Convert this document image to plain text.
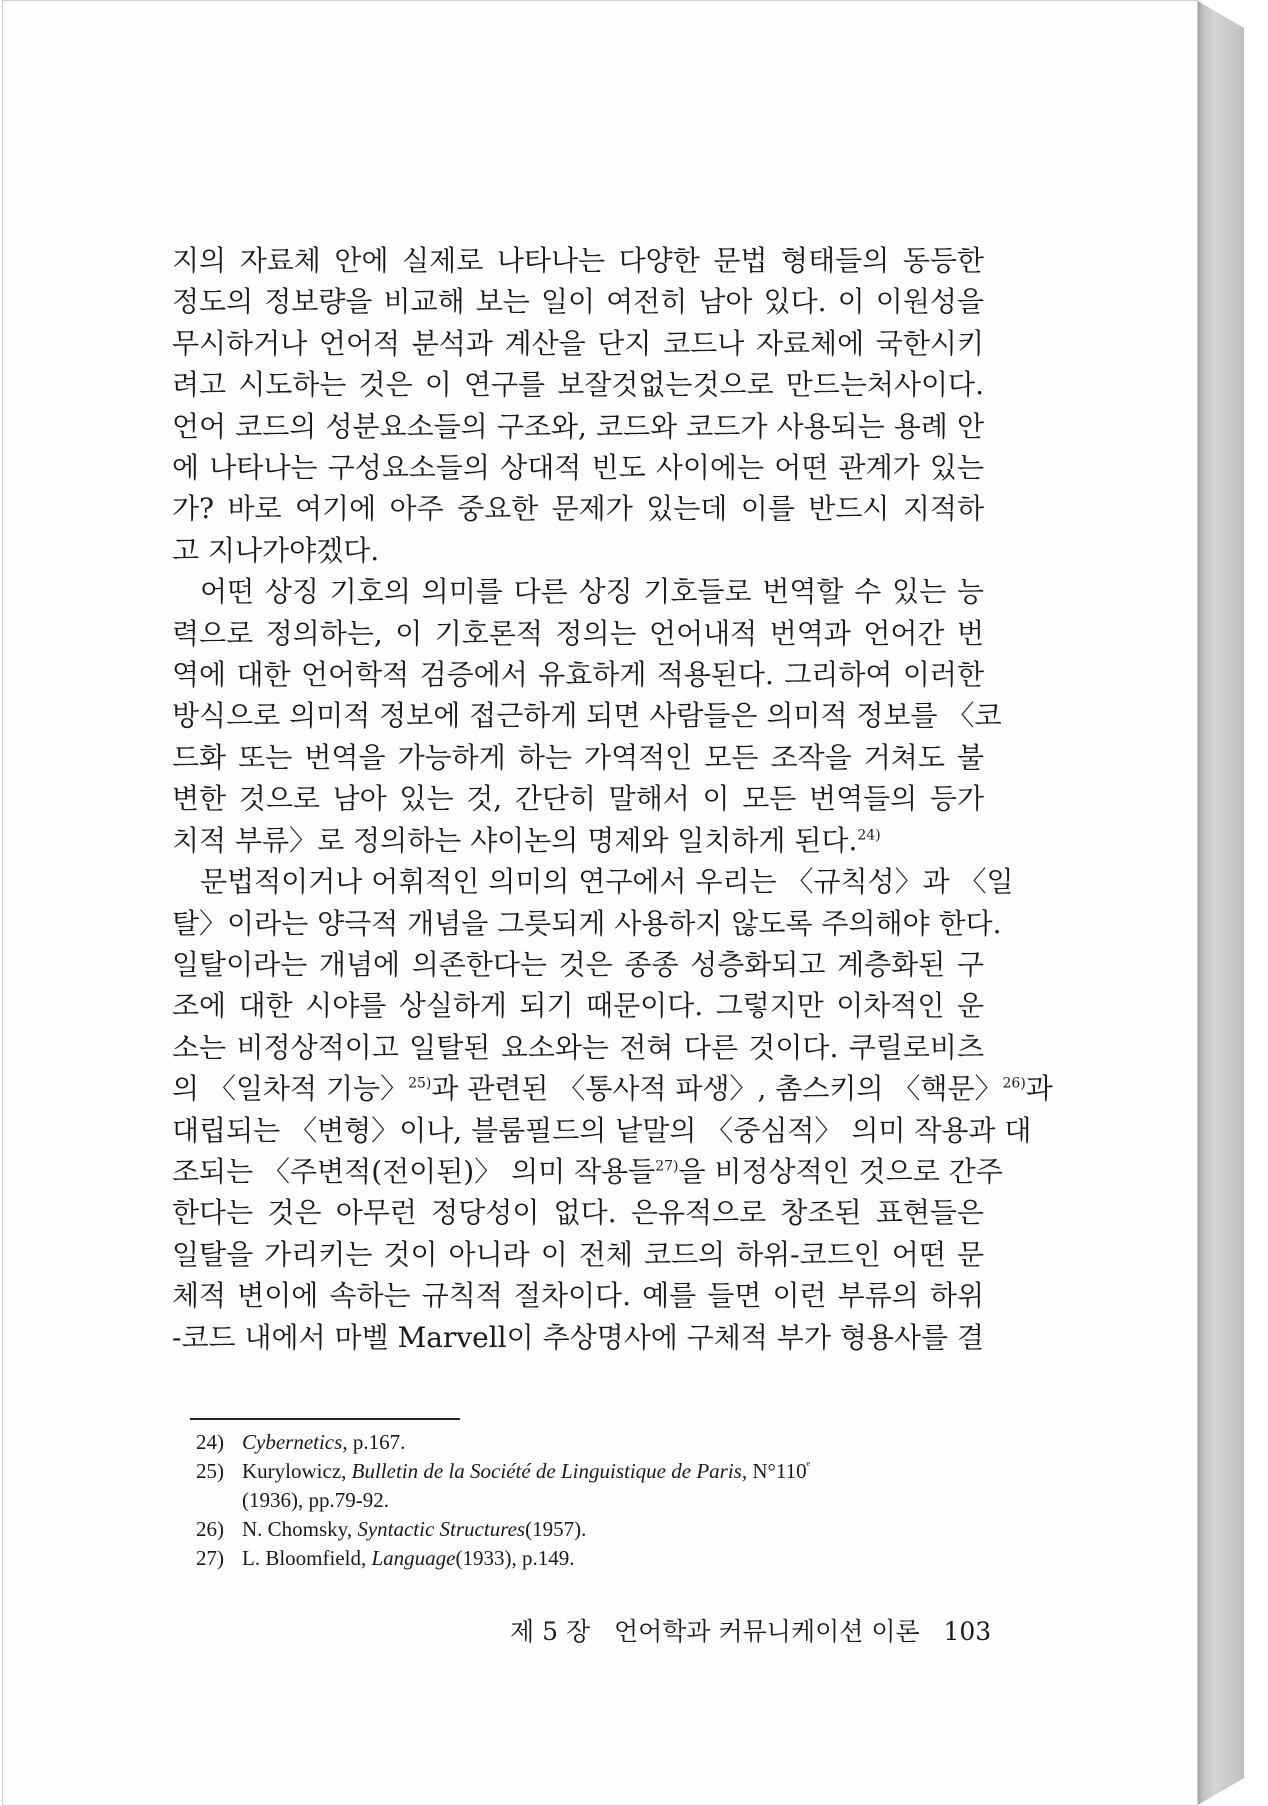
지의 자료체 안에 실제로 나타나는 다양한 문법 형태들의 동등한
정도의 정보량을 비교해 보는 일이 여전히 남아 있다. 이 이원성을
무시하거나 언어적 분석과 계산을 단지 코드나 자료체에 국한시키
려고 시도하는 것은 이 연구를 보잘것없는것으로 만드는처사이다.
언어 코드의 성분요소들의 구조와, 코드와 코드가 사용되는 용례 안
에 나타나는 구성요소들의 상대적 빈도 사이에는 어떤 관계가 있는
가? 바로 여기에 아주 중요한 문제가 있는데 이를 반드시 지적하
고 지나가야겠다.
어떤 상징 기호의 의미를 다른 상징 기호들로 번역할 수 있는 능
력으로 정의하는, 이 기호론적 정의는 언어내적 번역과 언어간 번
역에 대한 언어학적 검증에서 유효하게 적용된다. 그리하여 이러한
방식으로 의미적 정보에 접근하게 되면 사람들은 의미적 정보를 〈코
드화 또는 번역을 가능하게 하는 가역적인 모든 조작을 거쳐도 불
변한 것으로 남아 있는 것, 간단히 말해서 이 모든 번역들의 등가
치적 부류〉로 정의하는 샤이논의 명제와 일치하게 된다.$^{24)}$
문법적이거나 어휘적인 의미의 연구에서 우리는 〈규칙성〉과 〈일
탈〉이라는 양극적 개념을 그릇되게 사용하지 않도록 주의해야 한다.
일탈이라는 개념에 의존한다는 것은 종종 성층화되고 계층화된 구
조에 대한 시야를 상실하게 되기 때문이다. 그렇지만 이차적인 운
소는 비정상적이고 일탈된 요소와는 전혀 다른 것이다. 쿠릴로비츠
의 〈일차적 기능〉$^{25)}$과 관련된 〈통사적 파생〉, 촘스키의 〈핵문〉$^{26)}$과
대립되는 〈변형〉이나, 블룸필드의 낱말의 〈중심적〉 의미 작용과 대
조되는 〈주변적(전이된)〉 의미 작용들$^{27)}$을 비정상적인 것으로 간주
한다는 것은 아무런 정당성이 없다. 은유적으로 창조된 표현들은
일탈을 가리키는 것이 아니라 이 전체 코드의 하위-코드인 어떤 문
체적 변이에 속하는 규칙적 절차이다. 예를 들면 이런 부류의 하위
-코드 내에서 마벨 Marvell이 추상명사에 구체적 부가 형용사를 결
24) Cybernetics, p.167.
25) Kurylowicz, Bulletin de la Société de Linguistique de Paris, $N^\circ 110^ᵉ$
(1936), pp.79-92.
26) N. Chomsky, Syntactic Structures(1957).
27) L. Bloomfield, Language(1933), p.149.
제 5 장 언어학과 커뮤니케이션 이론 103
